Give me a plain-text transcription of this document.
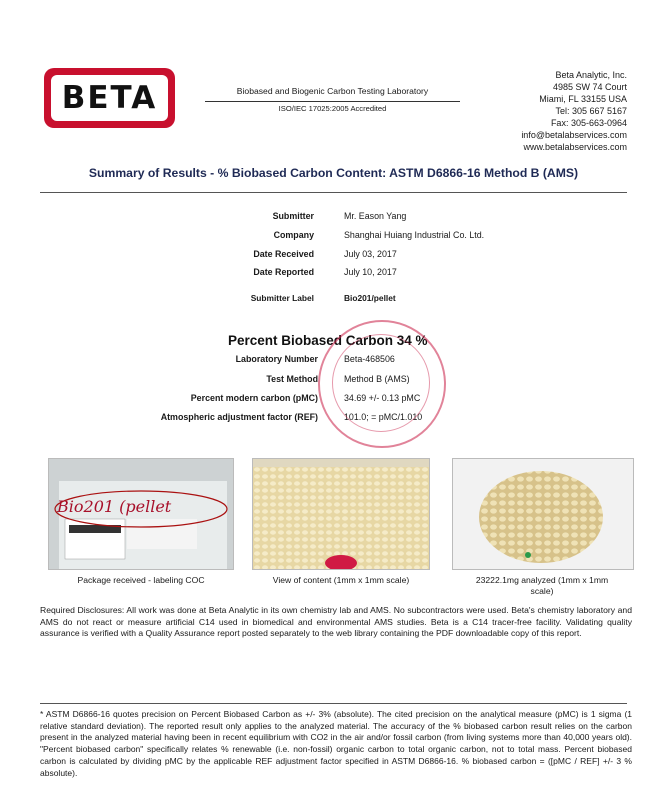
BETA	Biobased and Biogenic Carbon Testing Laboratory
ISO/IEC 17025:2005 Accredited
Beta Analytic, Inc.
4985 SW 74 Court
Miami, FL 33155 USA
Tel: 305 667 5167
Fax: 305-663-0964
info@betalabservices.com
www.betalabservices.com
Summary of Results - % Biobased Carbon Content: ASTM D6866-16 Method B (AMS)
Submitter	Mr. Eason Yang
Company	Shanghai Huiang Industrial Co. Ltd.
Date Received	July 03, 2017
Date Reported	July 10, 2017
Submitter Label	Bio201/pellet
Percent Biobased Carbon 34 %
Laboratory Number	Beta-468506
Test Method	Method B (AMS)
Percent modern carbon (pMC)	34.69 +/- 0.13 pMC
Atmospheric adjustment factor (REF)	101.0; = pMC/1.010
Bio201 (pellet
Package received - labeling COC	View of content (1mm x 1mm scale)	23222.1mg analyzed (1mm x 1mm
scale)
Required Disclosures: All work was done at Beta Analytic in its own chemistry lab and AMS. No subcontractors were used. Beta's chemistry laboratory and AMS do not react or measure artificial C14 used in biomedical and environmental AMS studies. Beta is a C14 tracer-free facility. Validating quality assurance is verified with a Quality Assurance report posted separately to the web library containing the PDF downloadable copy of this report.
* ASTM D6866-16 quotes precision on Percent Biobased Carbon as +/- 3% (absolute). The cited precision on the analytical measure (pMC) is 1 sigma (1 relative standard deviation). The reported result only applies to the analyzed material. The accuracy of the % biobased carbon result relies on the carbon present in the analyzed material having been in recent equilibrium with CO2 in the air and/or fossil carbon (from living systems more than 40,000 years old). "Percent biobased carbon" specifically relates % renewable (i.e. non-fossil) organic carbon to total organic carbon, not to total mass. Percent biobased carbon is calculated by dividing pMC by the applicable REF adjustment factor specified in ASTM D6866-16. % biobased carbon = ([pMC / REF] +/- 3 % absolute).
